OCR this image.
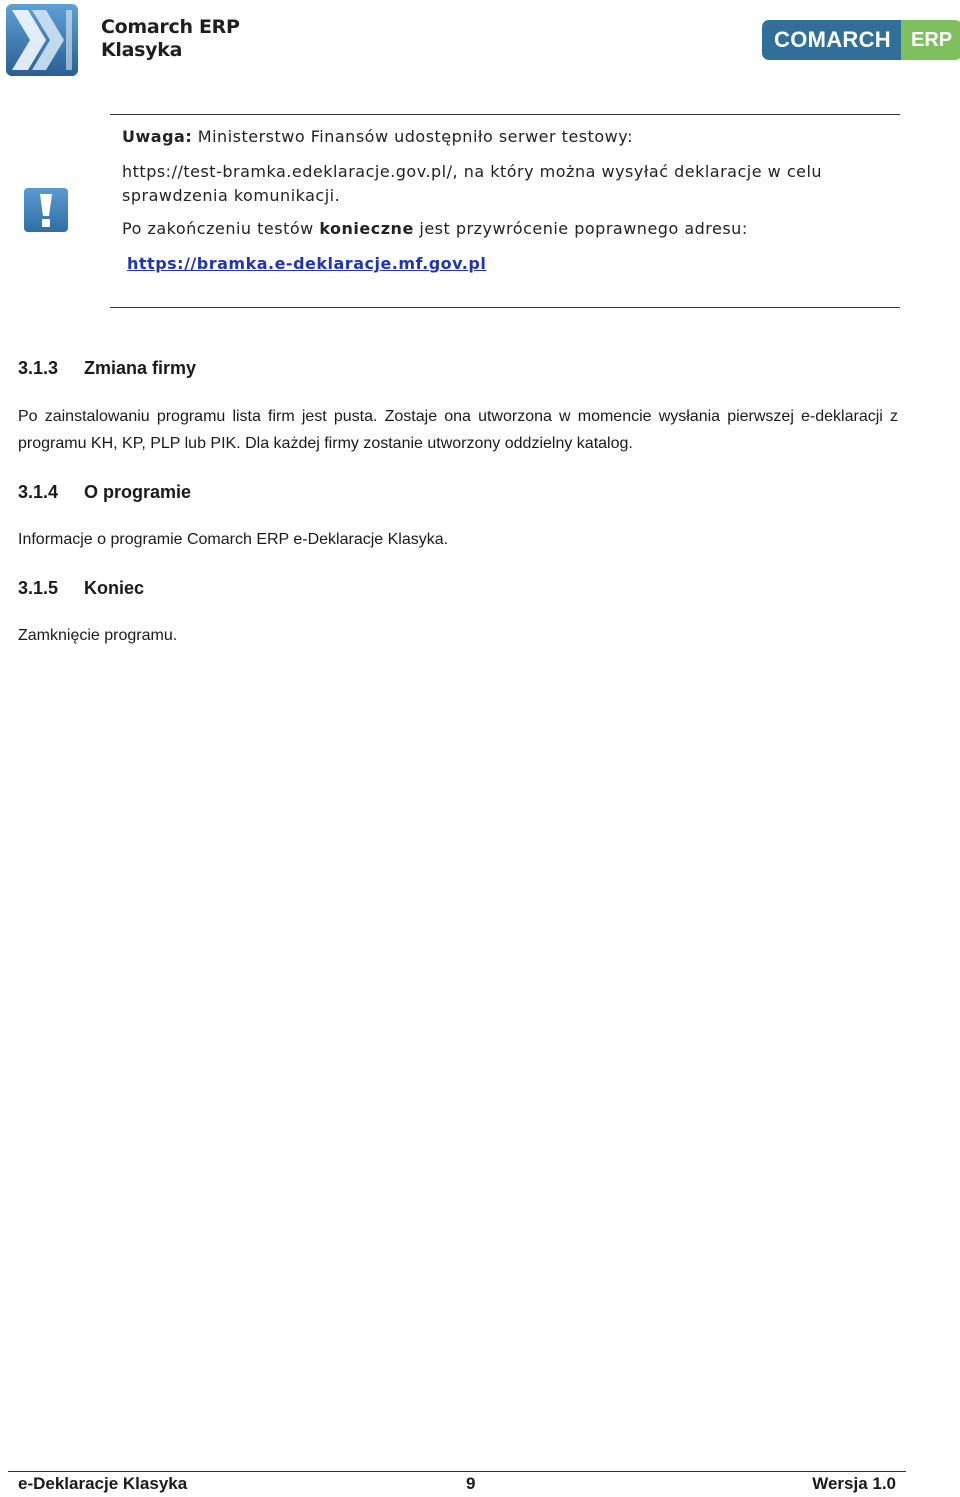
Comarch ERP
Klasyka	COMARCH	ERP
Uwaga: Ministerstwo Finansów udostępniło serwer testowy:
https://test-bramka.edeklaracje.gov.pl/, na który można wysyłać deklaracje w celu
sprawdzenia komunikacji.
Po zakończeniu testów konieczne jest przywrócenie poprawnego adresu:
https://bramka.e-deklaracje.mf.gov.pl
3.1.3 Zmiana firmy
Po zainstalowaniu programu lista firm jest pusta. Zostaje ona utworzona w momencie wysłania pierwszej e-deklaracji z programu KH, KP, PLP lub PIK. Dla każdej firmy zostanie utworzony oddzielny katalog.
3.1.4 O programie
Informacje o programie Comarch ERP e-Deklaracje Klasyka.
3.1.5 Koniec
Zamknięcie programu.
e-Deklaracje Klasyka	9	Wersja 1.0
